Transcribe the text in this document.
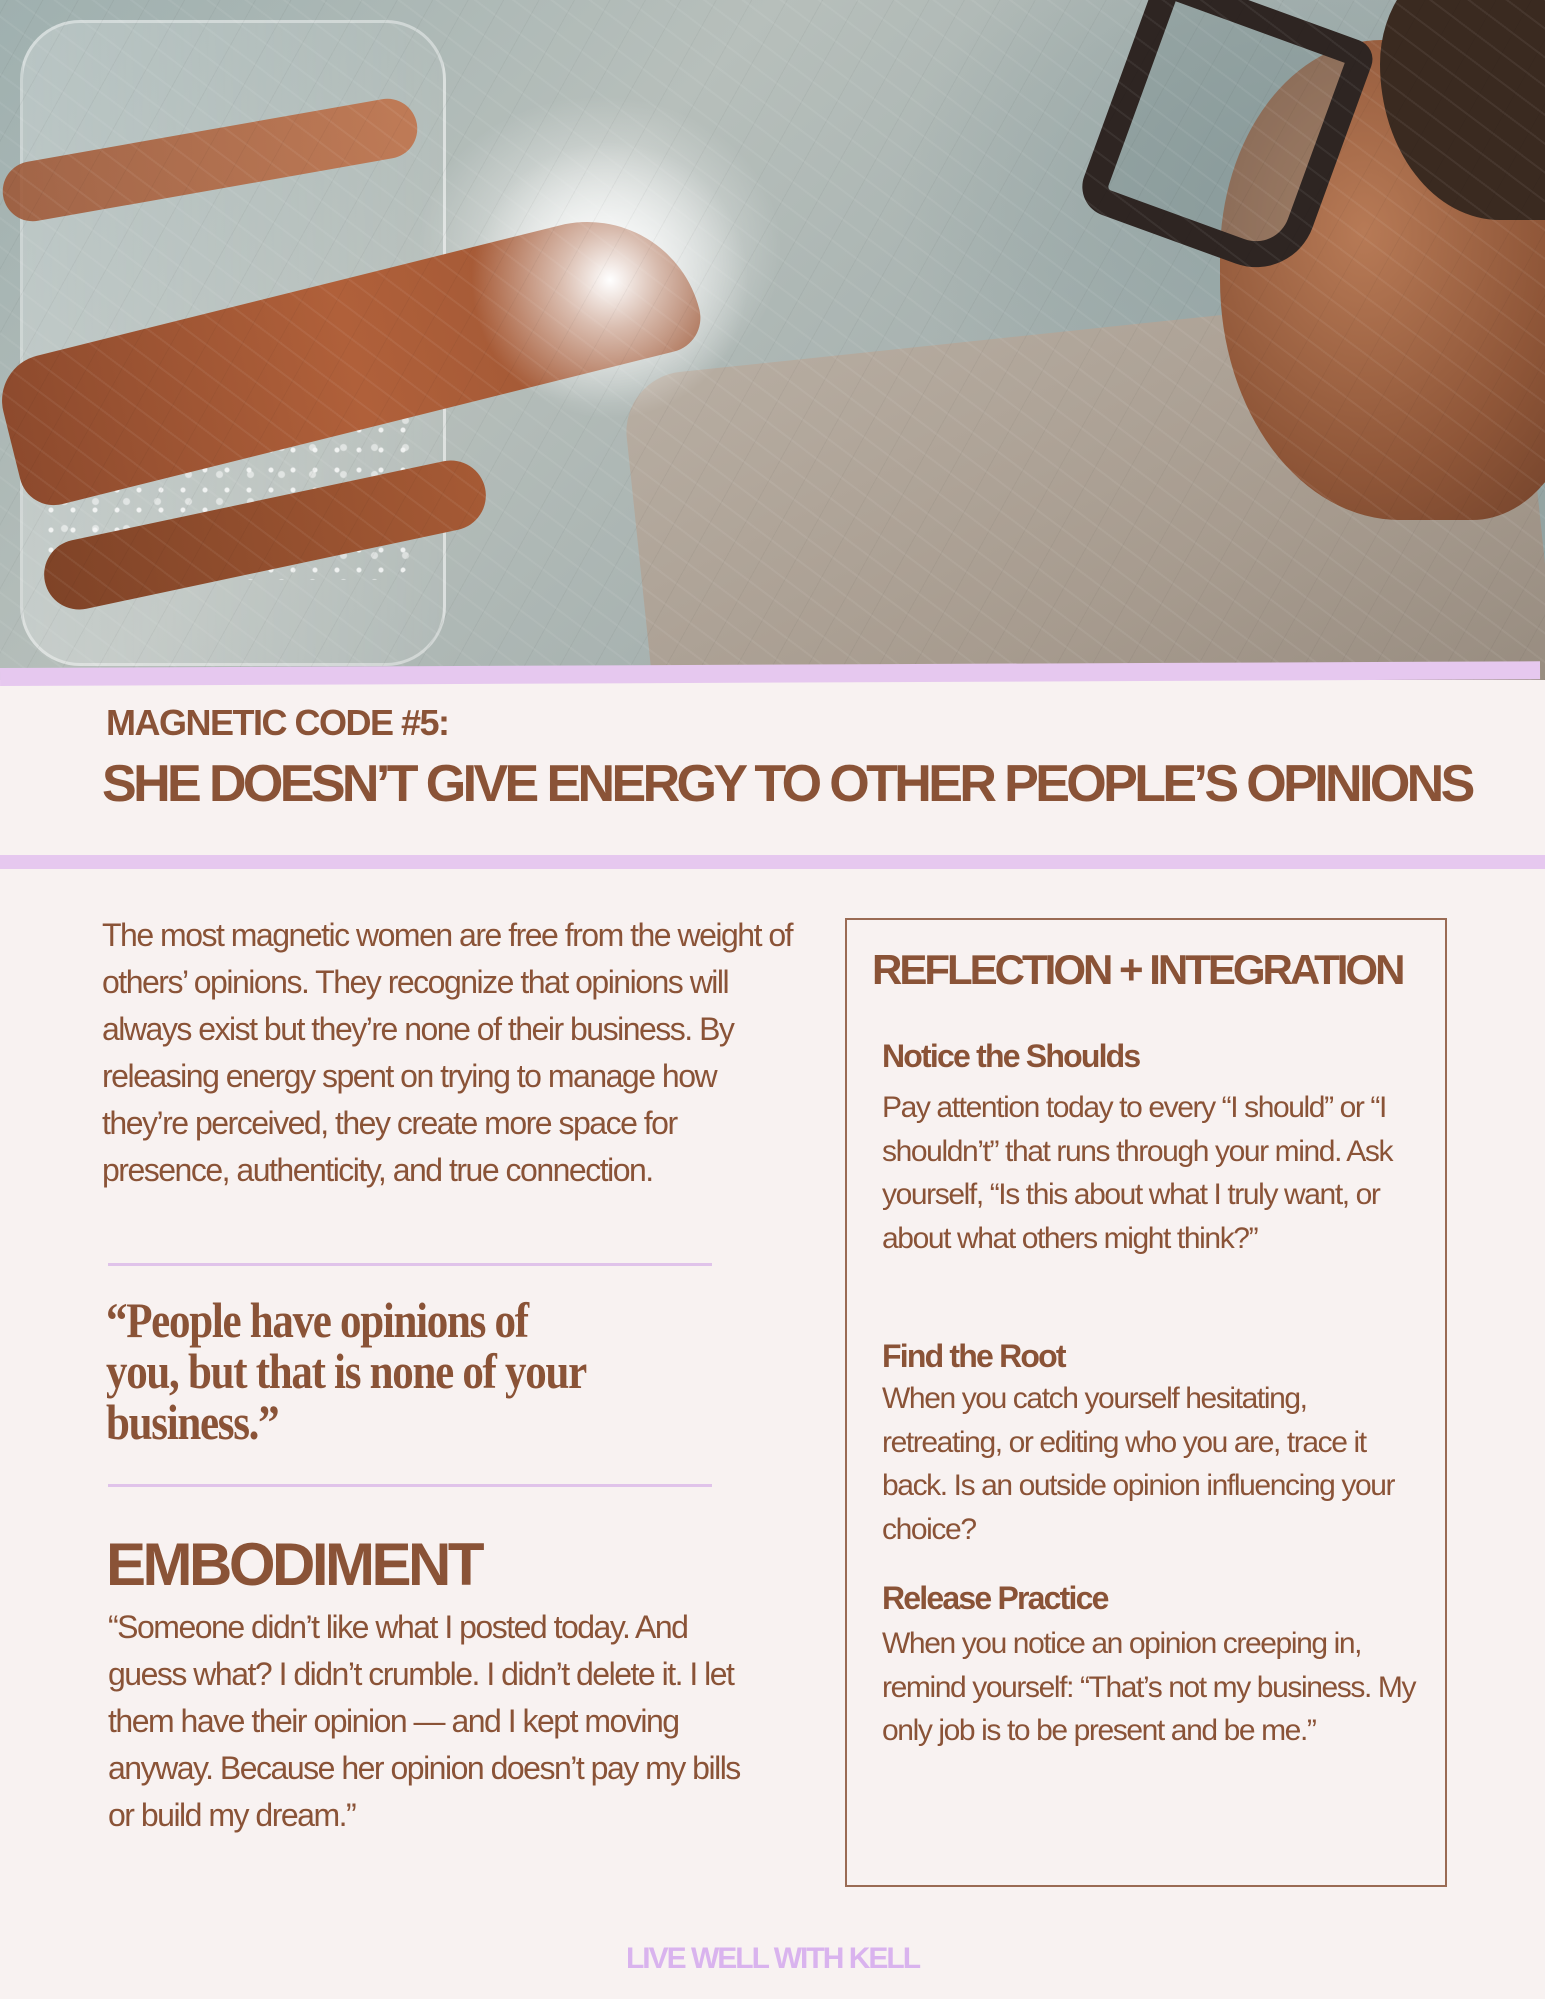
MAGNETIC CODE #5:
SHE DOESN’T GIVE ENERGY TO OTHER PEOPLE’S OPINIONS

The most magnetic women are free from the weight of others’ opinions. They recognize that opinions will always exist but they’re none of their business. By releasing energy spent on trying to manage how they’re perceived, they create more space for presence, authenticity, and true connection.

“People have opinions of you, but that is none of your business.”

EMBODIMENT

“Someone didn’t like what I posted today. And guess what? I didn’t crumble. I didn’t delete it. I let them have their opinion — and I kept moving anyway. Because her opinion doesn’t pay my bills or build my dream.”

REFLECTION + INTEGRATION
Notice the Shoulds

Pay attention today to every “I should” or “I shouldn’t” that runs through your mind. Ask yourself, “Is this about what I truly want, or about what others might think?”

Find the Root

When you catch yourself hesitating, retreating, or editing who you are, trace it back. Is an outside opinion influencing your choice?

Release Practice

When you notice an opinion creeping in, remind yourself: “That’s not my business. My only job is to be present and be me.”

LIVE WELL WITH KELL
